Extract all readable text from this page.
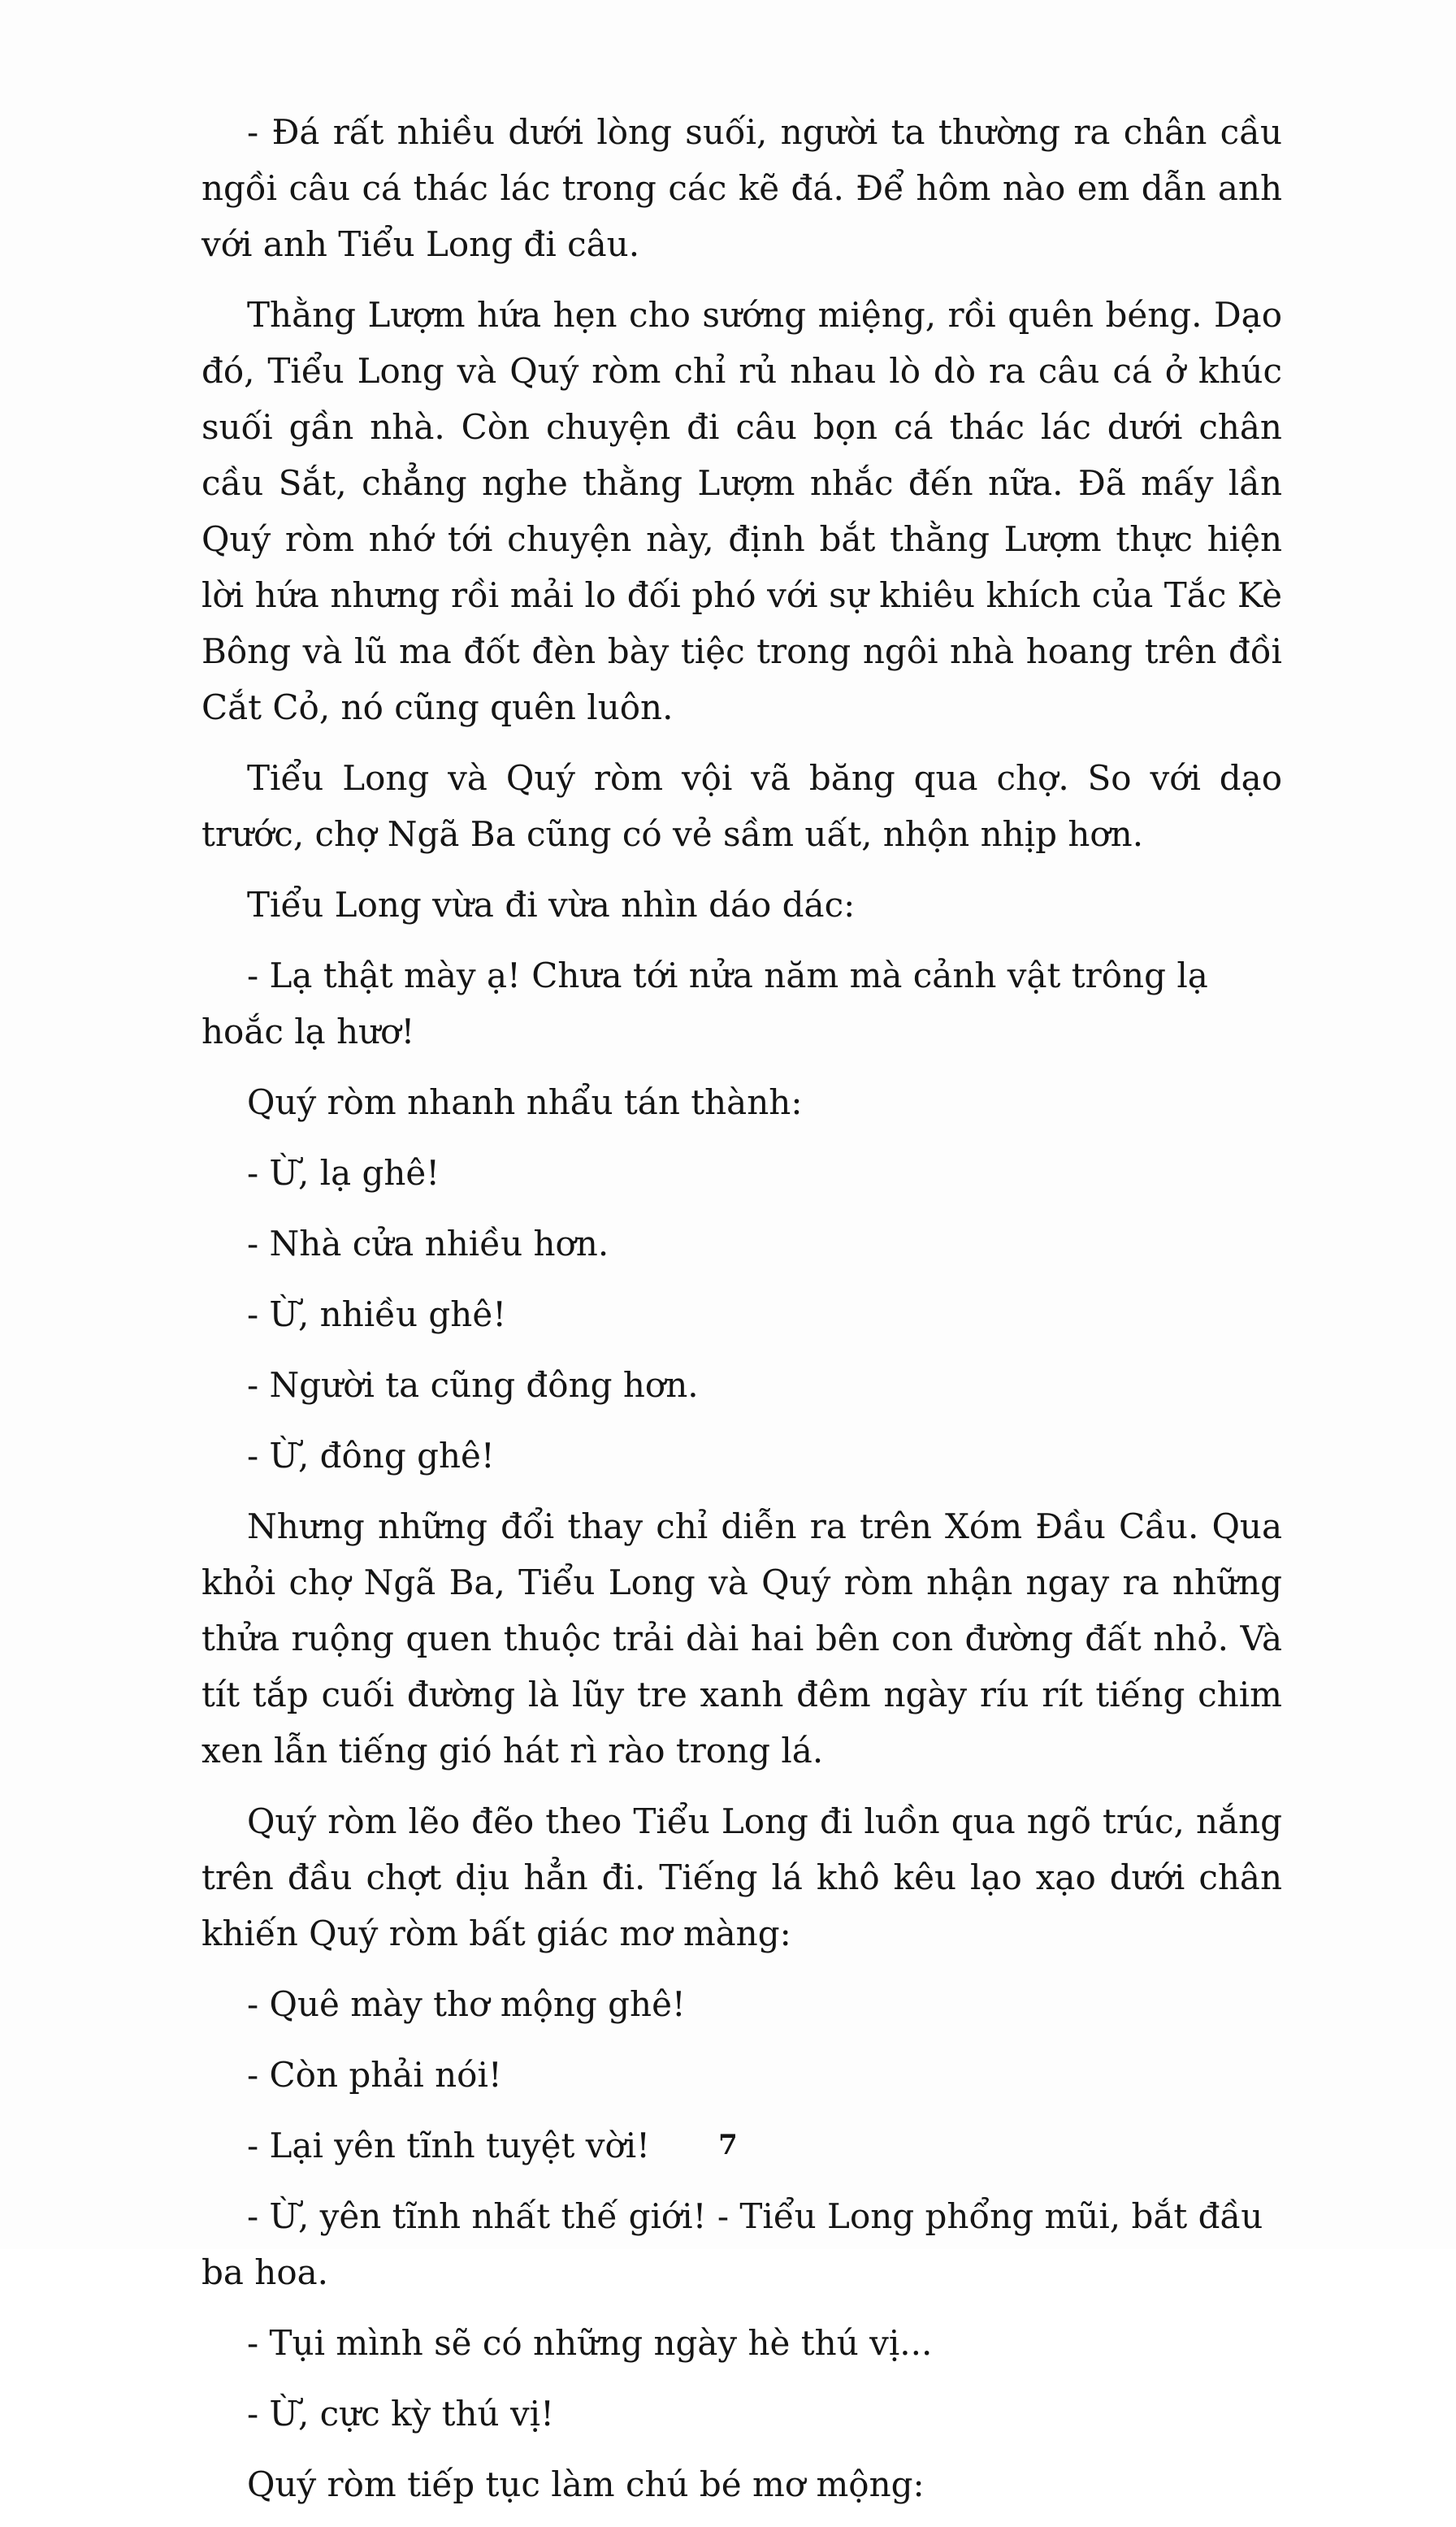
- Đá rất nhiều dưới lòng suối, người ta thường ra chân cầu ngồi câu cá thác lác trong các kẽ đá. Để hôm nào em dẫn anh với anh Tiểu Long đi câu.

Thằng Lượm hứa hẹn cho sướng miệng, rồi quên béng. Dạo đó, Tiểu Long và Quý ròm chỉ rủ nhau lò dò ra câu cá ở khúc suối gần nhà. Còn chuyện đi câu bọn cá thác lác dưới chân cầu Sắt, chẳng nghe thằng Lượm nhắc đến nữa. Đã mấy lần Quý ròm nhớ tới chuyện này, định bắt thằng Lượm thực hiện lời hứa nhưng rồi mải lo đối phó với sự khiêu khích của Tắc Kè Bông và lũ ma đốt đèn bày tiệc trong ngôi nhà hoang trên đồi Cắt Cỏ, nó cũng quên luôn.

Tiểu Long và Quý ròm vội vã băng qua chợ. So với dạo trước, chợ Ngã Ba cũng có vẻ sầm uất, nhộn nhịp hơn.

Tiểu Long vừa đi vừa nhìn dáo dác:

- Lạ thật mày ạ! Chưa tới nửa năm mà cảnh vật trông lạ hoắc lạ hươ!

Quý ròm nhanh nhẩu tán thành:

- Ừ, lạ ghê!

- Nhà cửa nhiều hơn.

- Ừ, nhiều ghê!

- Người ta cũng đông hơn.

- Ừ, đông ghê!

Nhưng những đổi thay chỉ diễn ra trên Xóm Đầu Cầu. Qua khỏi chợ Ngã Ba, Tiểu Long và Quý ròm nhận ngay ra những thửa ruộng quen thuộc trải dài hai bên con đường đất nhỏ. Và tít tắp cuối đường là lũy tre xanh đêm ngày ríu rít tiếng chim xen lẫn tiếng gió hát rì rào trong lá.

Quý ròm lẽo đẽo theo Tiểu Long đi luồn qua ngõ trúc, nắng trên đầu chợt dịu hẳn đi. Tiếng lá khô kêu lạo xạo dưới chân khiến Quý ròm bất giác mơ màng:

- Quê mày thơ mộng ghê!

- Còn phải nói!

- Lại yên tĩnh tuyệt vời!

- Ừ, yên tĩnh nhất thế giới! - Tiểu Long phổng mũi, bắt đầu ba hoa.

- Tụi mình sẽ có những ngày hè thú vị...

- Ừ, cực kỳ thú vị!

Quý ròm tiếp tục làm chú bé mơ mộng:

7
